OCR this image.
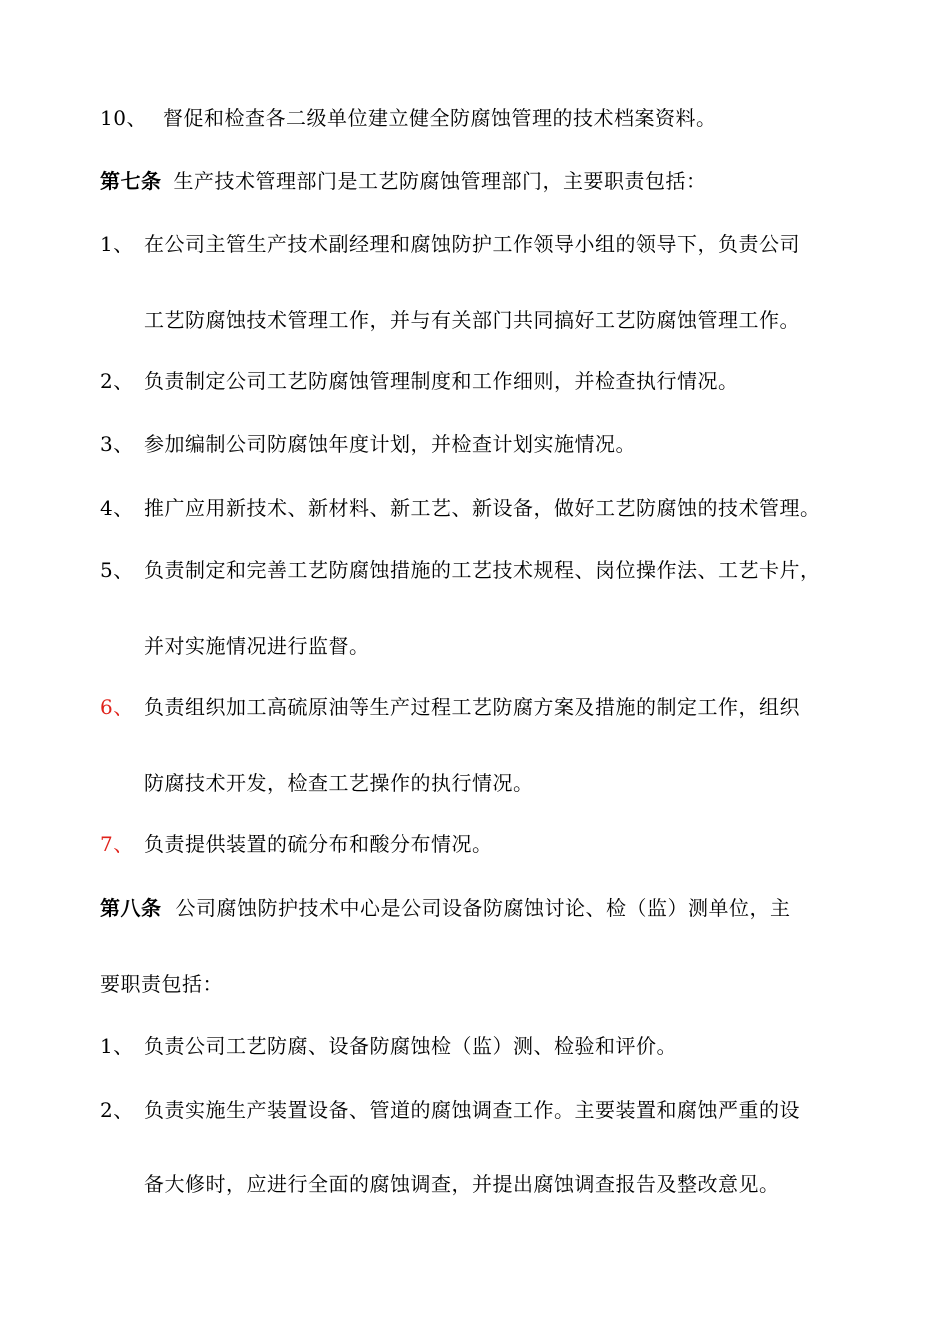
10、 督促和检查各二级单位建立健全防腐蚀管理的技术档案资料。
第七条 生产技术管理部门是工艺防腐蚀管理部门，主要职责包括：
1、 在公司主管生产技术副经理和腐蚀防护工作领导小组的领导下，负责公司
工艺防腐蚀技术管理工作，并与有关部门共同搞好工艺防腐蚀管理工作。
2、 负责制定公司工艺防腐蚀管理制度和工作细则，并检查执行情况。
3、 参加编制公司防腐蚀年度计划，并检查计划实施情况。
4、 推广应用新技术、新材料、新工艺、新设备，做好工艺防腐蚀的技术管理。
5、 负责制定和完善工艺防腐蚀措施的工艺技术规程、岗位操作法、工艺卡片，
并对实施情况进行监督。
6、 负责组织加工高硫原油等生产过程工艺防腐方案及措施的制定工作，组织
防腐技术开发，检查工艺操作的执行情况。
7、 负责提供装置的硫分布和酸分布情况。
第八条 公司腐蚀防护技术中心是公司设备防腐蚀讨论、检（监）测单位，主
要职责包括：
1、 负责公司工艺防腐、设备防腐蚀检（监）测、检验和评价。
2、 负责实施生产装置设备、管道的腐蚀调查工作。主要装置和腐蚀严重的设
备大修时，应进行全面的腐蚀调查，并提出腐蚀调查报告及整改意见。
